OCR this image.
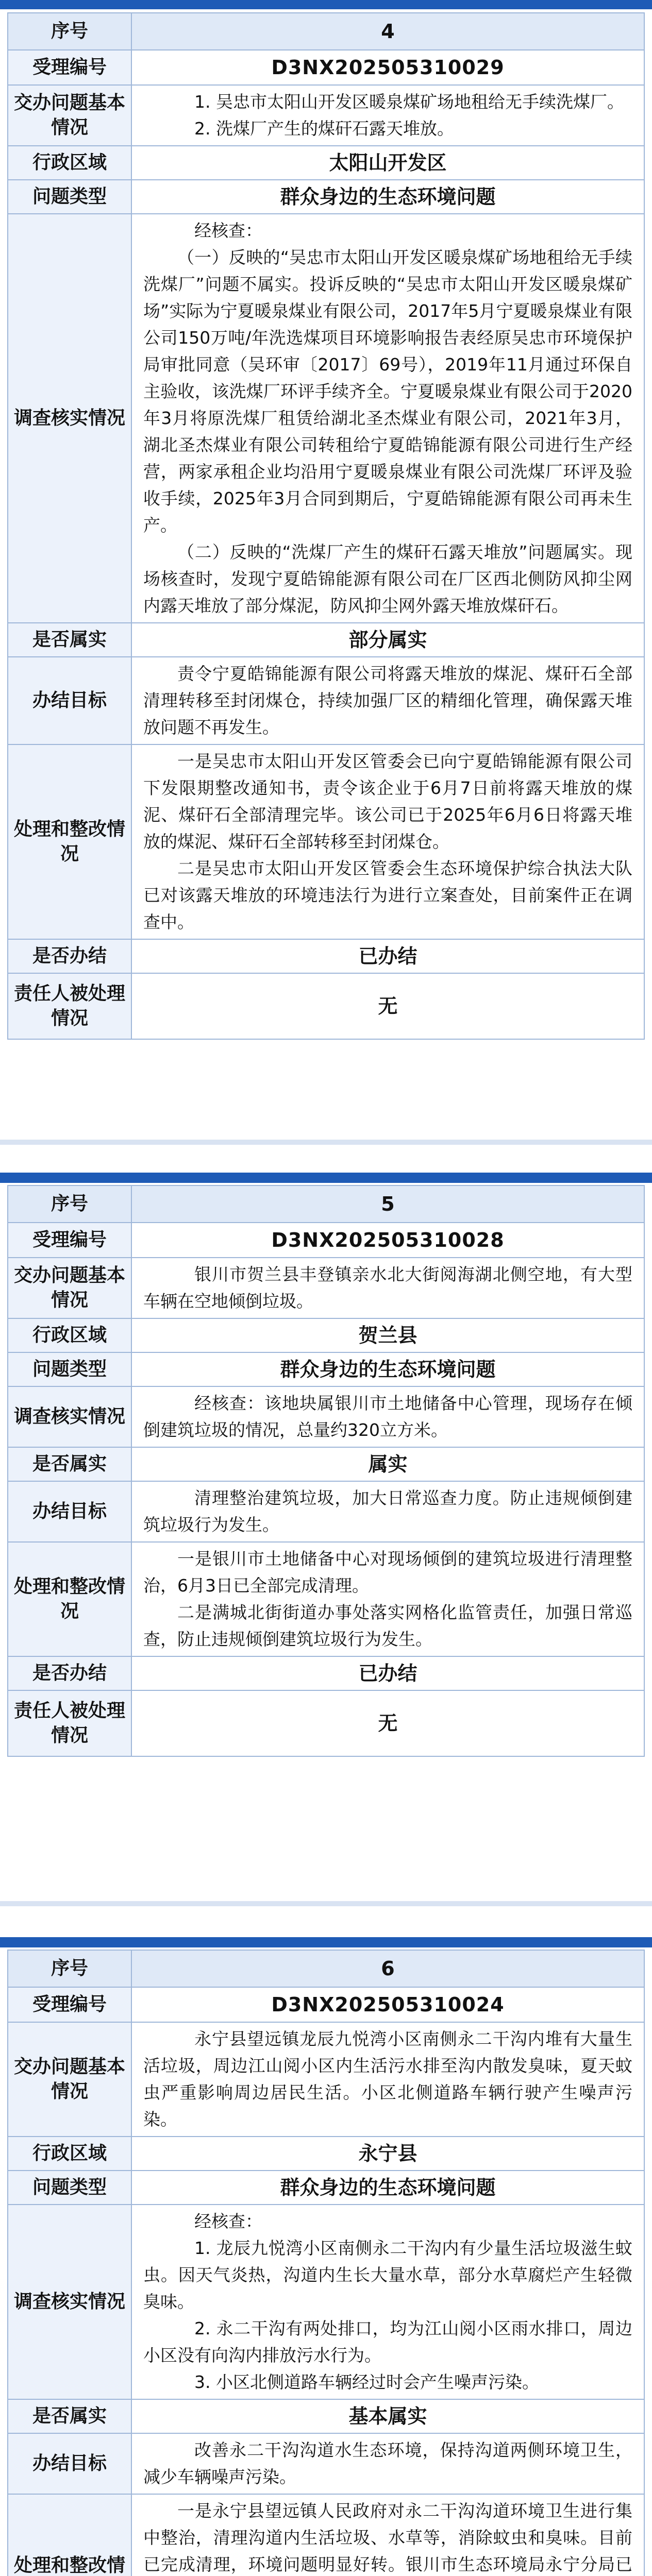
序号	4
受理编号	D3NX202505310029
交办问题基本情况	1. 吴忠市太阳山开发区暖泉煤矿场地租给无手续洗煤厂。

2. 洗煤厂产生的煤矸石露天堆放。

行政区域	太阳山开发区
问题类型	群众身边的生态环境问题
调查核实情况	经核查：

（一）反映的“吴忠市太阳山开发区暖泉煤矿场地租给无手续洗煤厂”问题不属实。投诉反映的“吴忠市太阳山开发区暖泉煤矿场”实际为宁夏暖泉煤业有限公司，2017年5月宁夏暖泉煤业有限公司150万吨/年洗选煤项目环境影响报告表经原吴忠市环境保护局审批同意（吴环审〔2017〕69号），2019年11月通过环保自主验收，该洗煤厂环评手续齐全。宁夏暖泉煤业有限公司于2020年3月将原洗煤厂租赁给湖北圣杰煤业有限公司，2021年3月，湖北圣杰煤业有限公司转租给宁夏皓锦能源有限公司进行生产经营，两家承租企业均沿用宁夏暖泉煤业有限公司洗煤厂环评及验收手续，2025年3月合同到期后，宁夏皓锦能源有限公司再未生产。

（二）反映的“洗煤厂产生的煤矸石露天堆放”问题属实。现场核查时，发现宁夏皓锦能源有限公司在厂区西北侧防风抑尘网内露天堆放了部分煤泥，防风抑尘网外露天堆放煤矸石。

是否属实	部分属实
办结目标	责令宁夏皓锦能源有限公司将露天堆放的煤泥、煤矸石全部清理转移至封闭煤仓，持续加强厂区的精细化管理，确保露天堆放问题不再发生。

处理和整改情况	一是吴忠市太阳山开发区管委会已向宁夏皓锦能源有限公司下发限期整改通知书，责令该企业于6月7日前将露天堆放的煤泥、煤矸石全部清理完毕。该公司已于2025年6月6日将露天堆放的煤泥、煤矸石全部转移至封闭煤仓。

二是吴忠市太阳山开发区管委会生态环境保护综合执法大队已对该露天堆放的环境违法行为进行立案查处，目前案件正在调查中。

是否办结	已办结
责任人被处理情况	无
序号	5
受理编号	D3NX202505310028
交办问题基本情况	银川市贺兰县丰登镇亲水北大街阅海湖北侧空地，有大型车辆在空地倾倒垃圾。

行政区域	贺兰县
问题类型	群众身边的生态环境问题
调查核实情况	经核查：该地块属银川市土地储备中心管理，现场存在倾倒建筑垃圾的情况，总量约320立方米。

是否属实	属实
办结目标	清理整治建筑垃圾，加大日常巡查力度。防止违规倾倒建筑垃圾行为发生。

处理和整改情况	一是银川市土地储备中心对现场倾倒的建筑垃圾进行清理整治，6月3日已全部完成清理。

二是满城北街街道办事处落实网格化监管责任，加强日常巡查，防止违规倾倒建筑垃圾行为发生。

是否办结	已办结
责任人被处理情况	无
序号	6
受理编号	D3NX202505310024
交办问题基本情况	永宁县望远镇龙辰九悦湾小区南侧永二干沟内堆有大量生活垃圾，周边江山阅小区内生活污水排至沟内散发臭味，夏天蚊虫严重影响周边居民生活。小区北侧道路车辆行驶产生噪声污染。

行政区域	永宁县
问题类型	群众身边的生态环境问题
调查核实情况	经核查：

1. 龙辰九悦湾小区南侧永二干沟内有少量生活垃圾滋生蚊虫。因天气炎热，沟道内生长大量水草，部分水草腐烂产生轻微臭味。

2. 永二干沟有两处排口，均为江山阅小区雨水排口，周边小区没有向沟内排放污水行为。

3. 小区北侧道路车辆经过时会产生噪声污染。

是否属实	基本属实
办结目标	改善永二干沟沟道水生态环境，保持沟道两侧环境卫生，减少车辆噪声污染。

处理和整改情	一是永宁县望远镇人民政府对永二干沟沟道环境卫生进行集中整治，清理沟道内生活垃圾、水草等，消除蚊虫和臭味。目前已完成清理，环境问题明显好转。银川市生态环境局永宁分局已
